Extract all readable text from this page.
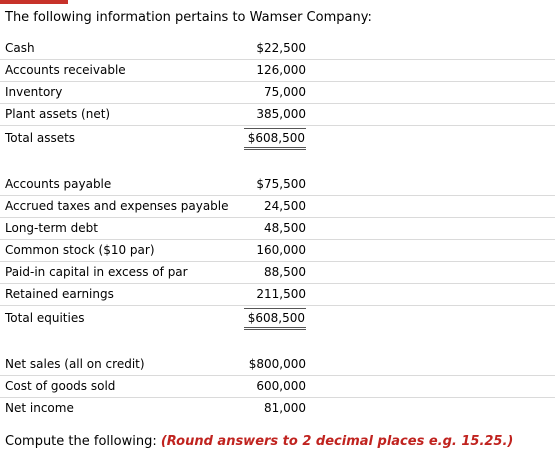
The following information pertains to Wamser Company:
Cash	$22,500
Accounts receivable	126,000
Inventory	75,000
Plant assets (net)	385,000
Total assets	$608,500
Accounts payable	$75,500
Accrued taxes and expenses payable	24,500
Long-term debt	48,500
Common stock ($10 par)	160,000
Paid-in capital in excess of par	88,500
Retained earnings	211,500
Total equities	$608,500
Net sales (all on credit)	$800,000
Cost of goods sold	600,000
Net income	81,000
Compute the following: (Round answers to 2 decimal places e.g. 15.25.)
